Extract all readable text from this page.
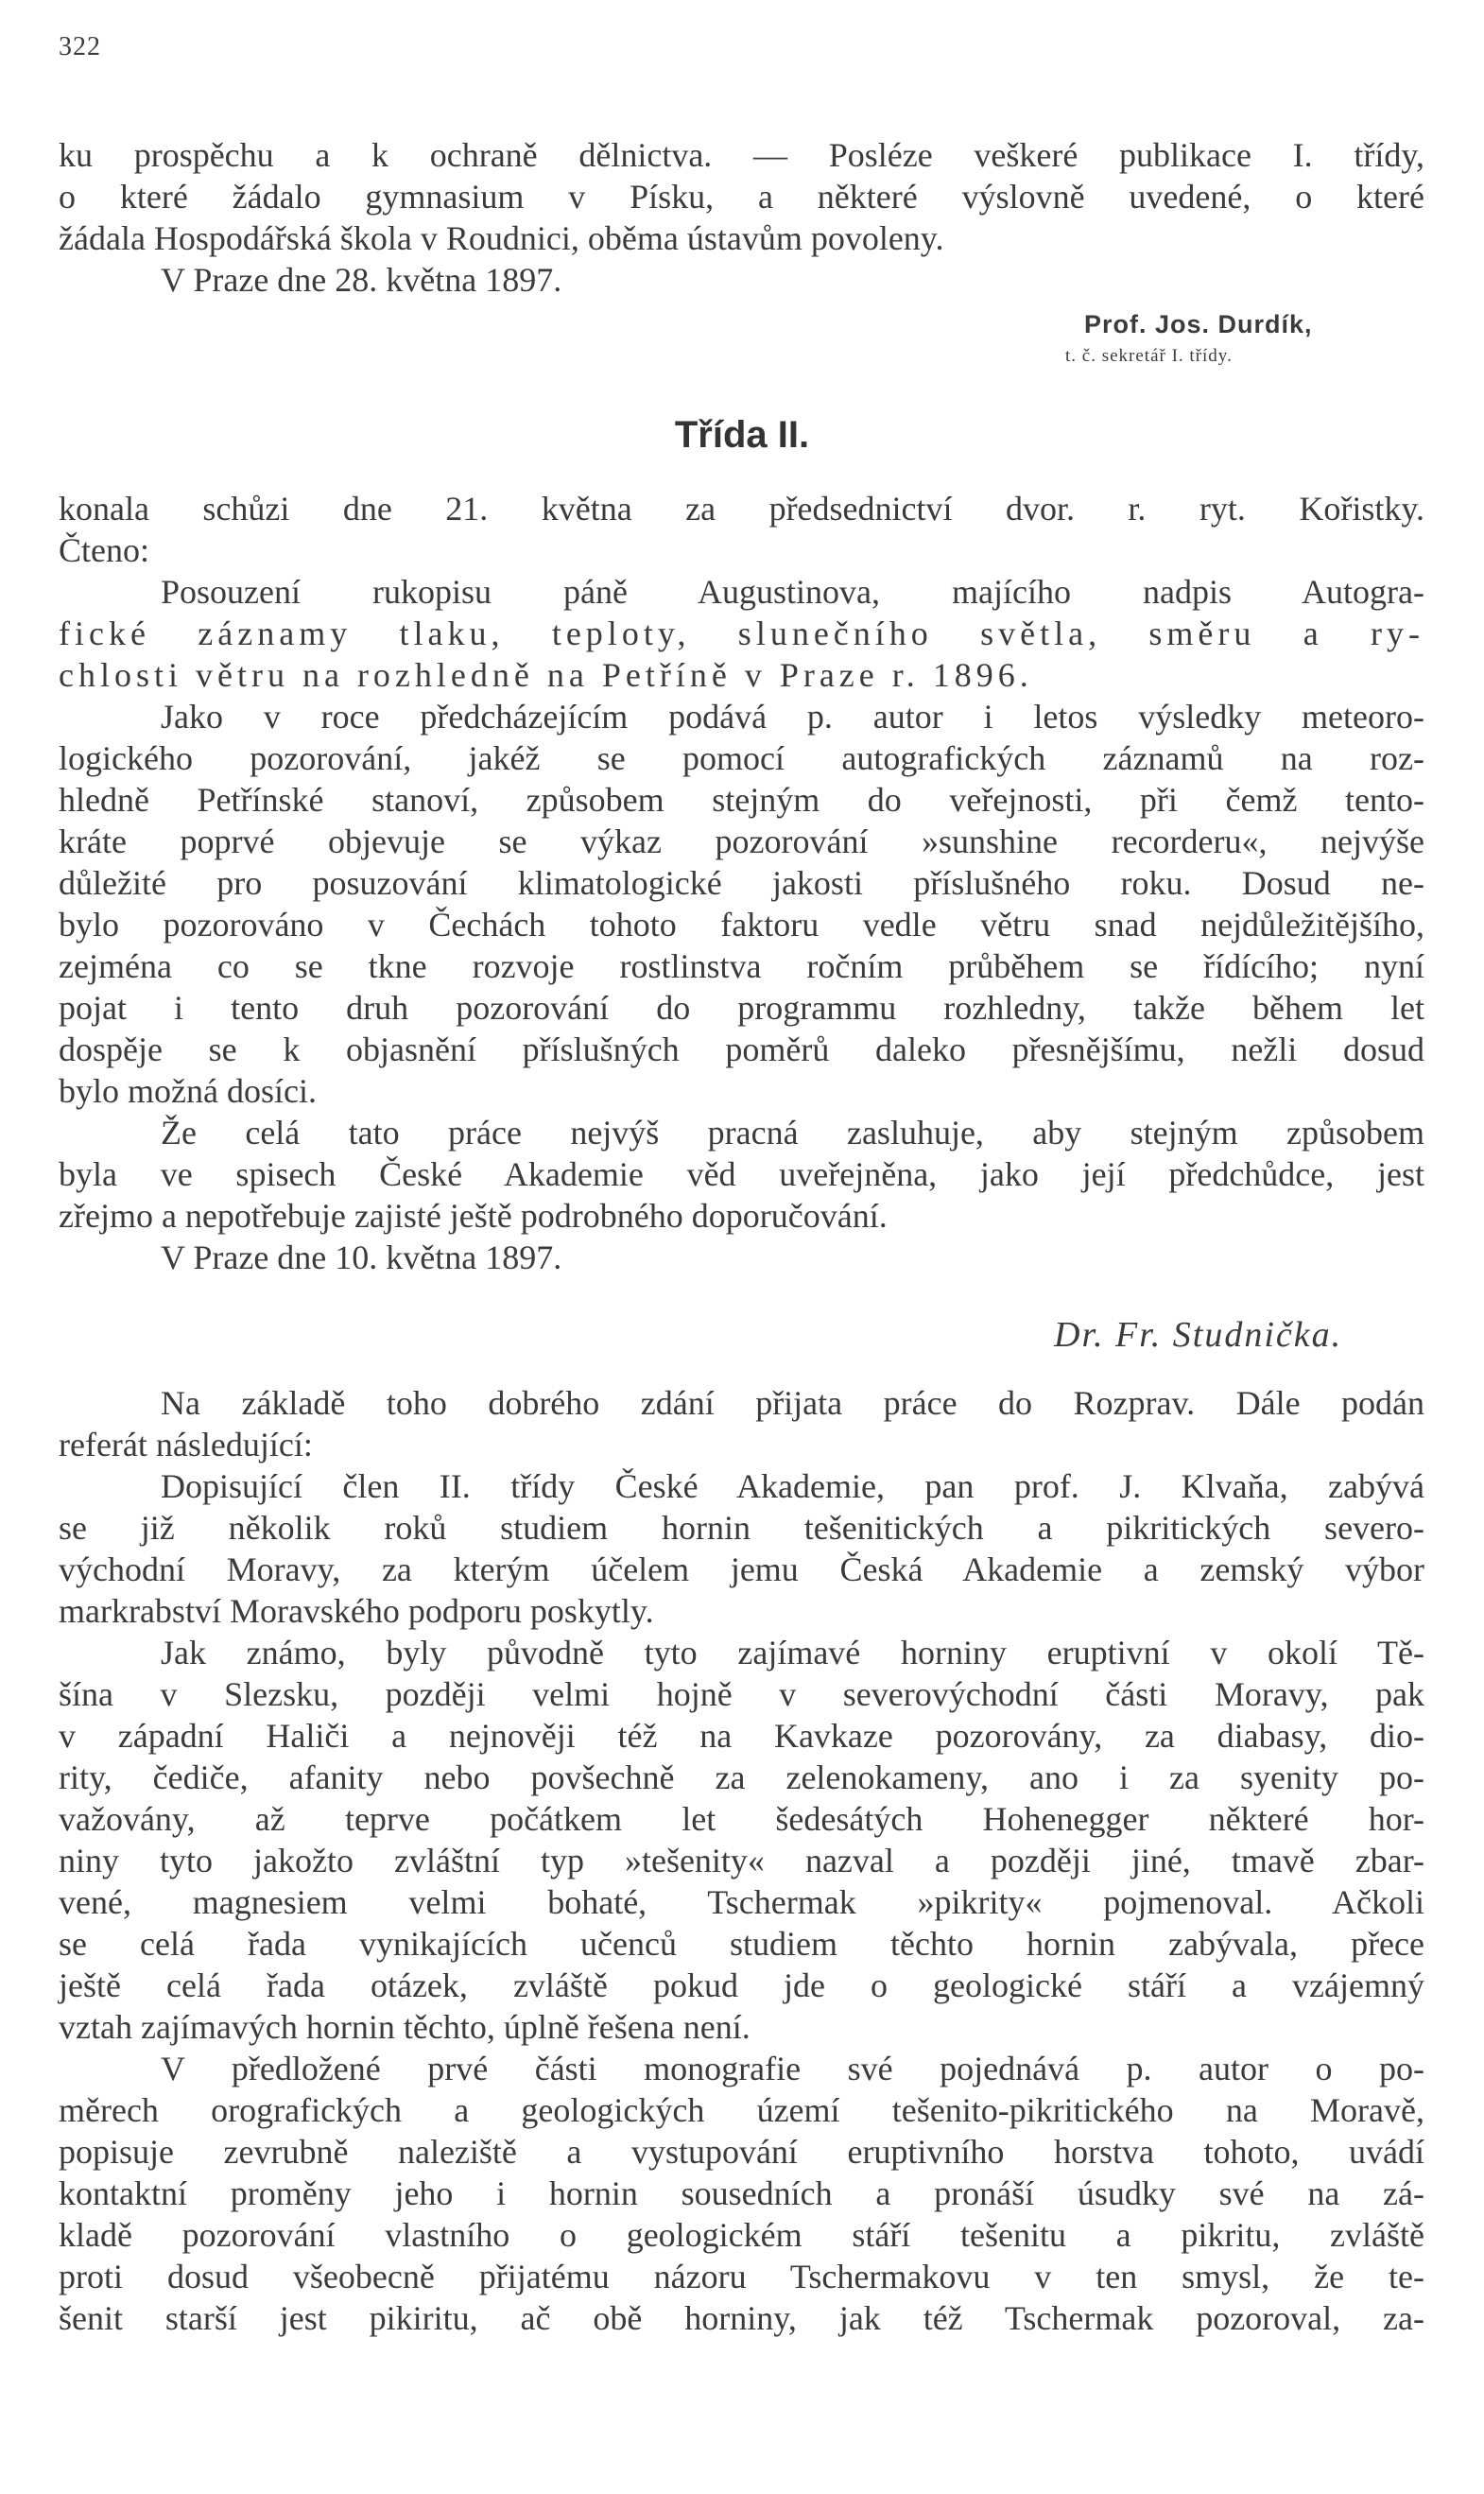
322
ku prospěchu a k ochraně dělnictva. — Posléze veškeré publikace I. třídy,
o které žádalo gymnasium v Písku, a některé výslovně uvedené, o které
žádala Hospodářská škola v Roudnici, oběma ústavům povoleny.
V Praze dne 28. května 1897.
Prof. Jos. Durdík,
t. č. sekretář I. třídy.
Třída II.
konala schůzi dne 21. května za předsednictví dvor. r. ryt. Kořistky.
Čteno:
Posouzení rukopisu páně Augustinova, majícího nadpis Autogra-
fické záznamy tlaku, teploty, slunečního světla, směru a ry-
chlosti větru na rozhledně na Petříně v Praze r. 1896.
Jako v roce předcházejícím podává p. autor i letos výsledky meteoro-
logického pozorování, jakéž se pomocí autografických záznamů na roz-
hledně Petřínské stanoví, způsobem stejným do veřejnosti, při čemž tento-
kráte poprvé objevuje se výkaz pozorování »sunshine recorderu«, nejvýše
důležité pro posuzování klimatologické jakosti příslušného roku. Dosud ne-
bylo pozorováno v Čechách tohoto faktoru vedle větru snad nejdůležitějšího,
zejména co se tkne rozvoje rostlinstva ročním průběhem se řídícího; nyní
pojat i tento druh pozorování do programmu rozhledny, takže během let
dospěje se k objasnění příslušných poměrů daleko přesnějšímu, nežli dosud
bylo možná dosíci.
Že celá tato práce nejvýš pracná zasluhuje, aby stejným způsobem
byla ve spisech České Akademie věd uveřejněna, jako její předchůdce, jest
zřejmo a nepotřebuje zajisté ještě podrobného doporučování.
V Praze dne 10. května 1897.
Dr. Fr. Studnička.
Na základě toho dobrého zdání přijata práce do Rozprav. Dále podán
referát následující:
Dopisující člen II. třídy České Akademie, pan prof. J. Klvaňa, zabývá
se již několik roků studiem hornin tešenitických a pikritických severo-
východní Moravy, za kterým účelem jemu Česká Akademie a zemský výbor
markrabství Moravského podporu poskytly.
Jak známo, byly původně tyto zajímavé horniny eruptivní v okolí Tě-
šína v Slezsku, později velmi hojně v severovýchodní části Moravy, pak
v západní Haliči a nejnověji též na Kavkaze pozorovány, za diabasy, dio-
rity, čediče, afanity nebo povšechně za zelenokameny, ano i za syenity po-
važovány, až teprve počátkem let šedesátých Hohenegger některé hor-
niny tyto jakožto zvláštní typ »tešenity« nazval a později jiné, tmavě zbar-
vené, magnesiem velmi bohaté, Tschermak »pikrity« pojmenoval. Ačkoli
se celá řada vynikajících učenců studiem těchto hornin zabývala, přece
ještě celá řada otázek, zvláště pokud jde o geologické stáří a vzájemný
vztah zajímavých hornin těchto, úplně řešena není.
V předložené prvé části monografie své pojednává p. autor o po-
měrech orografických a geologických území tešenito-pikritického na Moravě,
popisuje zevrubně naleziště a vystupování eruptivního horstva tohoto, uvádí
kontaktní proměny jeho i hornin sousedních a pronáší úsudky své na zá-
kladě pozorování vlastního o geologickém stáří tešenitu a pikritu, zvláště
proti dosud všeobecně přijatému názoru Tschermakovu v ten smysl, že te-
šenit starší jest pikiritu, ač obě horniny, jak též Tschermak pozoroval, za-
